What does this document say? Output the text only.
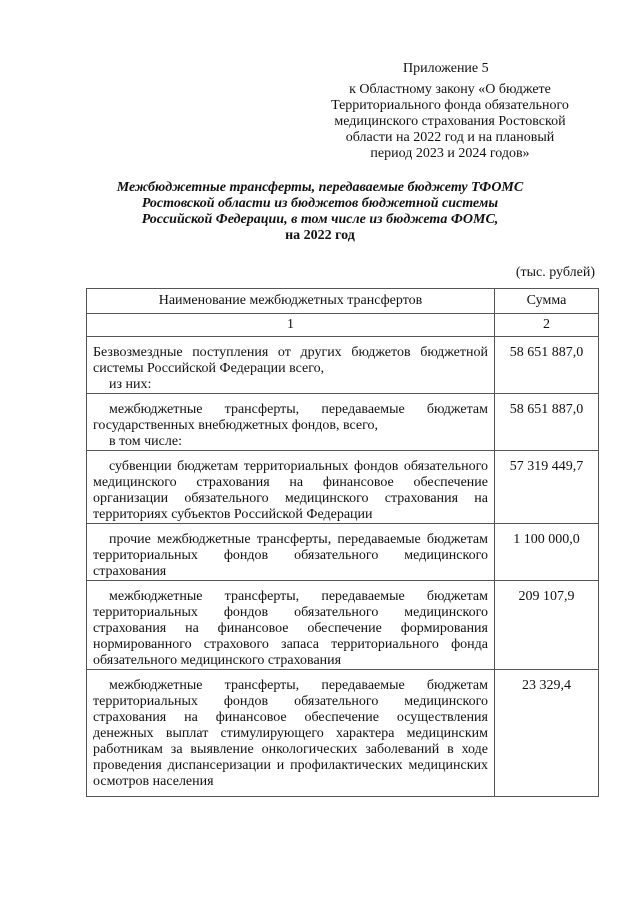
Приложение 5
к Областному закону «О бюджете
Территориального фонда обязательного
медицинского страхования Ростовской
области на 2022 год и на плановый
период 2023 и 2024 годов»
Межбюджетные трансферты, передаваемые бюджету ТФОМС
Ростовской области из бюджетов бюджетной системы
Российской Федерации, в том числе из бюджета ФОМС,
на 2022 год
(тыс. рублей)
Наименование межбюджетных трансфертов	Сумма
1	2

Безвозмездные поступления от других бюджетов бюджетной системы Российской Федерации всего,
из них:	58 651 887,0

межбюджетные трансферты, передаваемые бюджетам государственных внебюджетных фондов, всего,
в том числе:	58 651 887,0

субвенции бюджетам территориальных фондов обязательного медицинского страхования на финансовое обеспечение организации обязательного медицинского страхования на территориях субъектов Российской Федерации	57 319 449,7

прочие межбюджетные трансферты, передаваемые бюджетам территориальных фондов обязательного медицинского страхования	1 100 000,0

межбюджетные трансферты, передаваемые бюджетам территориальных фондов обязательного медицинского страхования на финансовое обеспечение формирования нормированного страхового запаса территориального фонда обязательного медицинского страхования	209 107,9

межбюджетные трансферты, передаваемые бюджетам территориальных фондов обязательного медицинского страхования на финансовое обеспечение осуществления денежных выплат стимулирующего характера медицинским работникам за выявление онкологических заболеваний в ходе проведения диспансеризации и профилактических медицинских осмотров населения	23 329,4
